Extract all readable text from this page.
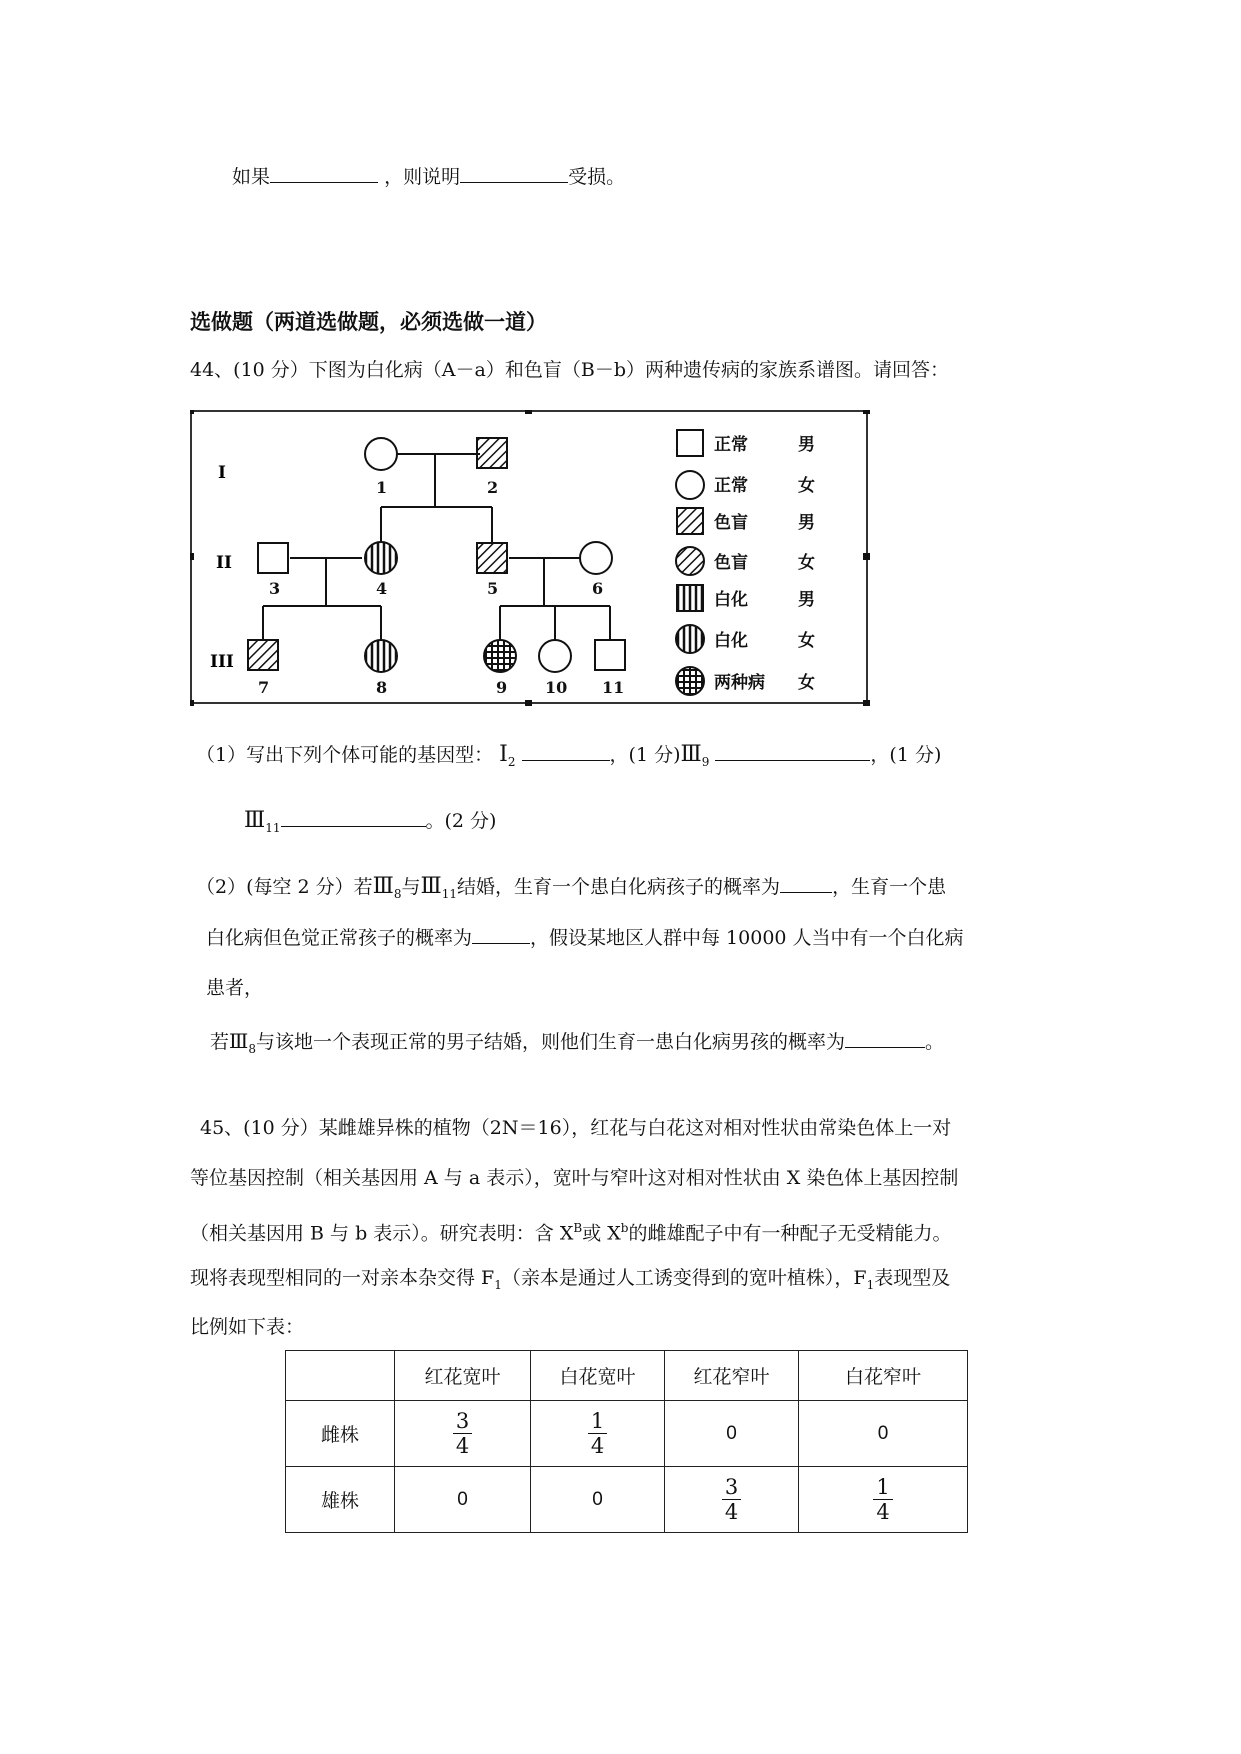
如果	，则说明	受损。
选做题（两道选做题，必须选做一道）
44、(10 分）下图为白化病（A－a）和色盲（B－b）两种遗传病的家族系谱图。请回答：
I
II
III
1	2
3	4	5	6
7	8	9 10 11
正常	男
正常	女
色盲	男
色盲	女
白化	男
白化	女
两种病 女
（1）写出下列个体可能的基因型： $Ⅰ_2$	，(1 分)$Ⅲ_9$	，(1 分)
$Ⅲ_{11}$	。(2 分)
（2）(每空 2 分）若$Ⅲ_8$与$Ⅲ_{11}$结婚，生育一个患白化病孩子的概率为	，生育一个患
白化病但色觉正常孩子的概率为	，假设某地区人群中每 10000 人当中有一个白化病
患者，
若$Ⅲ_8$与该地一个表现正常的男子结婚，则他们生育一患白化病男孩的概率为	。
45、(10 分）某雌雄异株的植物（2N＝16），红花与白花这对相对性状由常染色体上一对
等位基因控制（相关基因用 A 与 a 表示），宽叶与窄叶这对相对性状由 X 染色体上基因控制
（相关基因用 B 与 b 表示）。研究表明：含 $X^B$或 $X^b$的雌雄配子中有一种配子无受精能力。
现将表现型相同的一对亲本杂交得 $F_1$（亲本是通过人工诱变得到的宽叶植株），$F_1$表现型及
比例如下表：
	红花宽叶	白花宽叶	红花窄叶	白花窄叶
雌株	$\frac{3}{4}$	$\frac{1}{4}$	0	0
雄株	0	0	$\frac{3}{4}$	$\frac{1}{4}$
